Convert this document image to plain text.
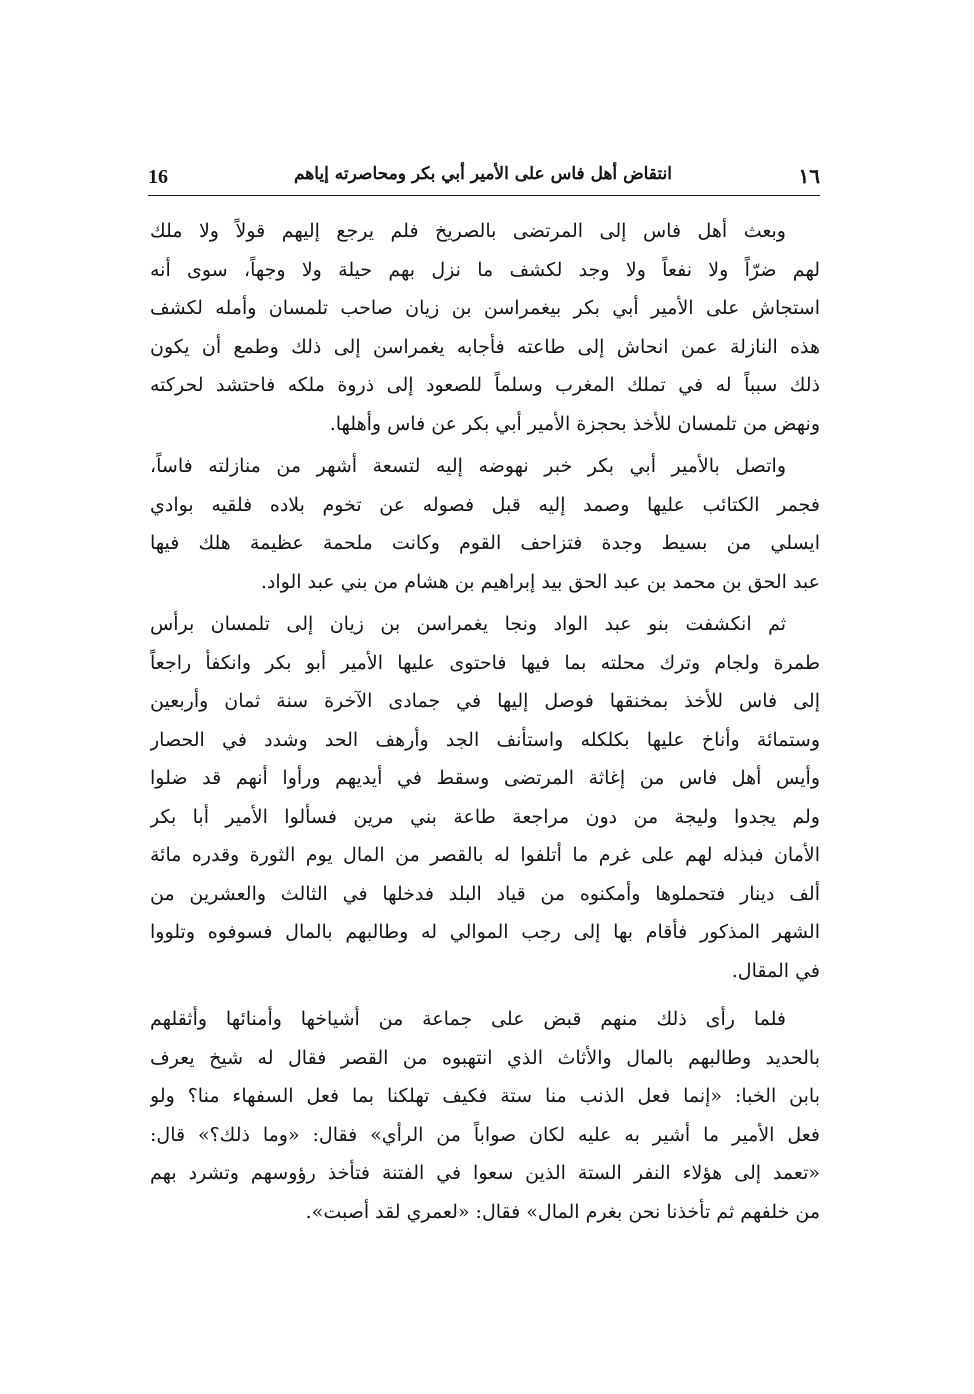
16	انتقاض أهل فاس على الأمير أبي بكر ومحاصرته إياهم	١٦
وبعث أهل فاس إلى المرتضى بالصريخ فلم يرجع إليهم قولاً ولا ملك
لهم ضرّاً ولا نفعاً ولا وجد لكشف ما نزل بهم حيلة ولا وجهاً، سوى أنه
استجاش على الأمير أبي بكر بيغمراسن بن زيان صاحب تلمسان وأمله لكشف
هذه النازلة عمن انحاش إلى طاعته فأجابه يغمراسن إلى ذلك وطمع أن يكون
ذلك سبباً له في تملك المغرب وسلماً للصعود إلى ذروة ملكه فاحتشد لحركته
ونهض من تلمسان للأخذ بحجزة الأمير أبي بكر عن فاس وأهلها.
واتصل بالأمير أبي بكر خبر نهوضه إليه لتسعة أشهر من منازلته فاساً،
فجمر الكتائب عليها وصمد إليه قبل فصوله عن تخوم بلاده فلقيه بوادي
ايسلي من بسيط وجدة فتزاحف القوم وكانت ملحمة عظيمة هلك فيها
عبد الحق بن محمد بن عبد الحق بيد إبراهيم بن هشام من بني عبد الواد.
ثم انكشفت بنو عبد الواد ونجا يغمراسن بن زيان إلى تلمسان برأس
طمرة ولجام وترك محلته بما فيها فاحتوى عليها الأمير أبو بكر وانكفأ راجعاً
إلى فاس للأخذ بمخنقها فوصل إليها في جمادى الآخرة سنة ثمان وأربعين
وستمائة وأناخ عليها بكلكله واستأنف الجد وأرهف الحد وشدد في الحصار
وأيس أهل فاس من إغاثة المرتضى وسقط في أيديهم ورأوا أنهم قد ضلوا
ولم يجدوا وليجة من دون مراجعة طاعة بني مرين فسألوا الأمير أبا بكر
الأمان فبذله لهم على غرم ما أتلفوا له بالقصر من المال يوم الثورة وقدره مائة
ألف دينار فتحملوها وأمكنوه من قياد البلد فدخلها في الثالث والعشرين من
الشهر المذكور فأقام بها إلى رجب الموالي له وطالبهم بالمال فسوفوه وتلووا
في المقال.
فلما رأى ذلك منهم قبض على جماعة من أشياخها وأمنائها وأثقلهم
بالحديد وطالبهم بالمال والأثاث الذي انتهبوه من القصر فقال له شيخ يعرف
بابن الخبا: «إنما فعل الذنب منا ستة فكيف تهلكنا بما فعل السفهاء منا؟ ولو
فعل الأمير ما أشير به عليه لكان صواباً من الرأي» فقال: «وما ذلك؟» قال:
«تعمد إلى هؤلاء النفر الستة الذين سعوا في الفتنة فتأخذ رؤوسهم وتشرد بهم
من خلفهم ثم تأخذنا نحن بغرم المال» فقال: «لعمري لقد أصبت».
